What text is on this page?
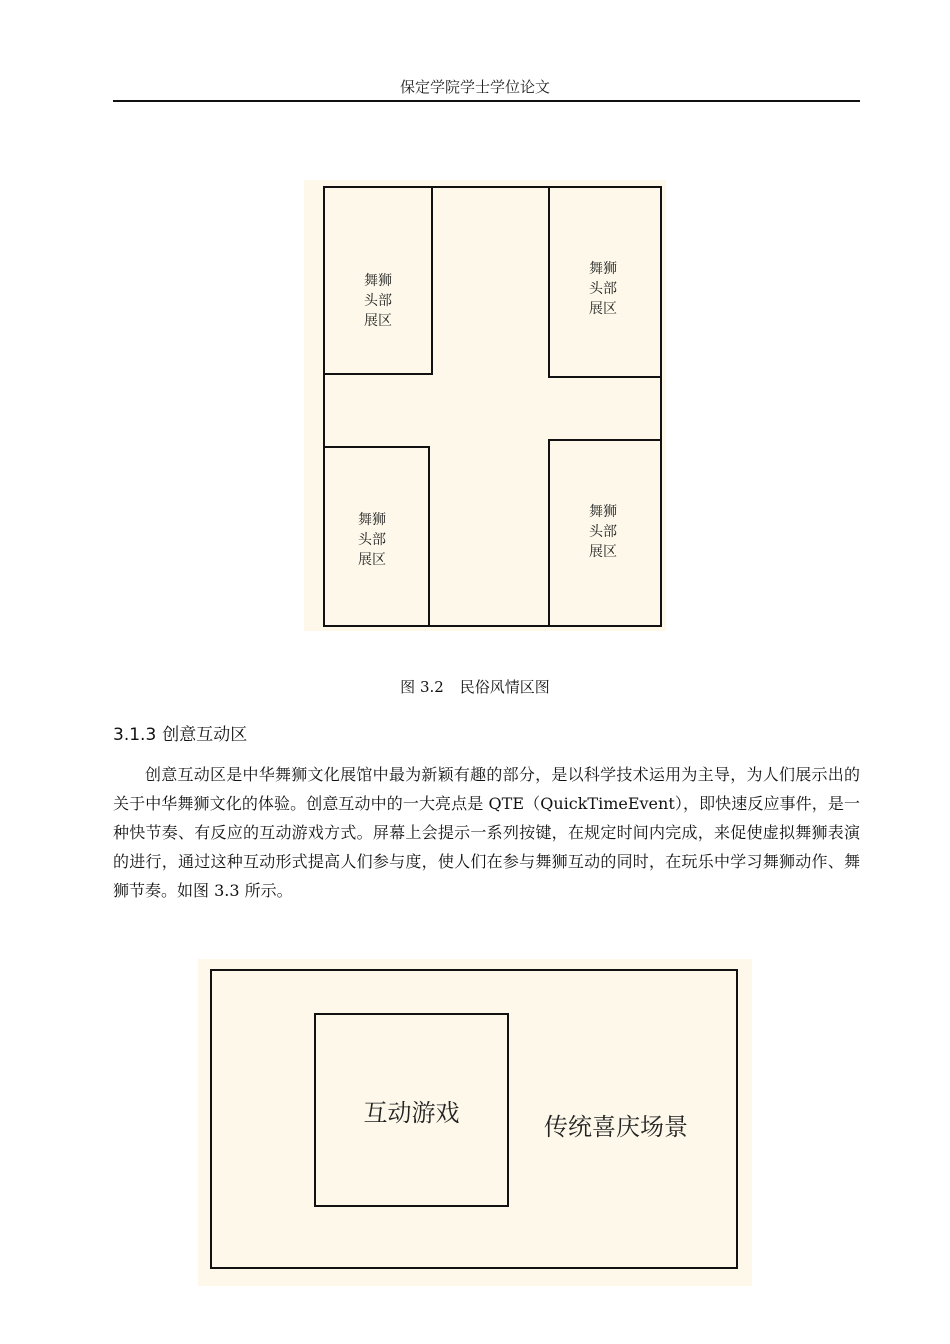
保定学院学士学位论文
舞狮
头部
展区
舞狮
头部
展区
舞狮
头部
展区
舞狮
头部
展区
图 3.2 民俗风情区图
3.1.3 创意互动区

创意互动区是中华舞狮文化展馆中最为新颖有趣的部分，是以科学技术运用为主导，为人们展示出的关于中华舞狮文化的体验。创意互动中的一大亮点是 QTE（QuickTimeEvent），即快速反应事件，是一种快节奏、有反应的互动游戏方式。屏幕上会提示一系列按键，在规定时间内完成，来促使虚拟舞狮表演的进行，通过这种互动形式提高人们参与度，使人们在参与舞狮互动的同时，在玩乐中学习舞狮动作、舞狮节奏。如图 3.3 所示。

互动游戏	传统喜庆场景
